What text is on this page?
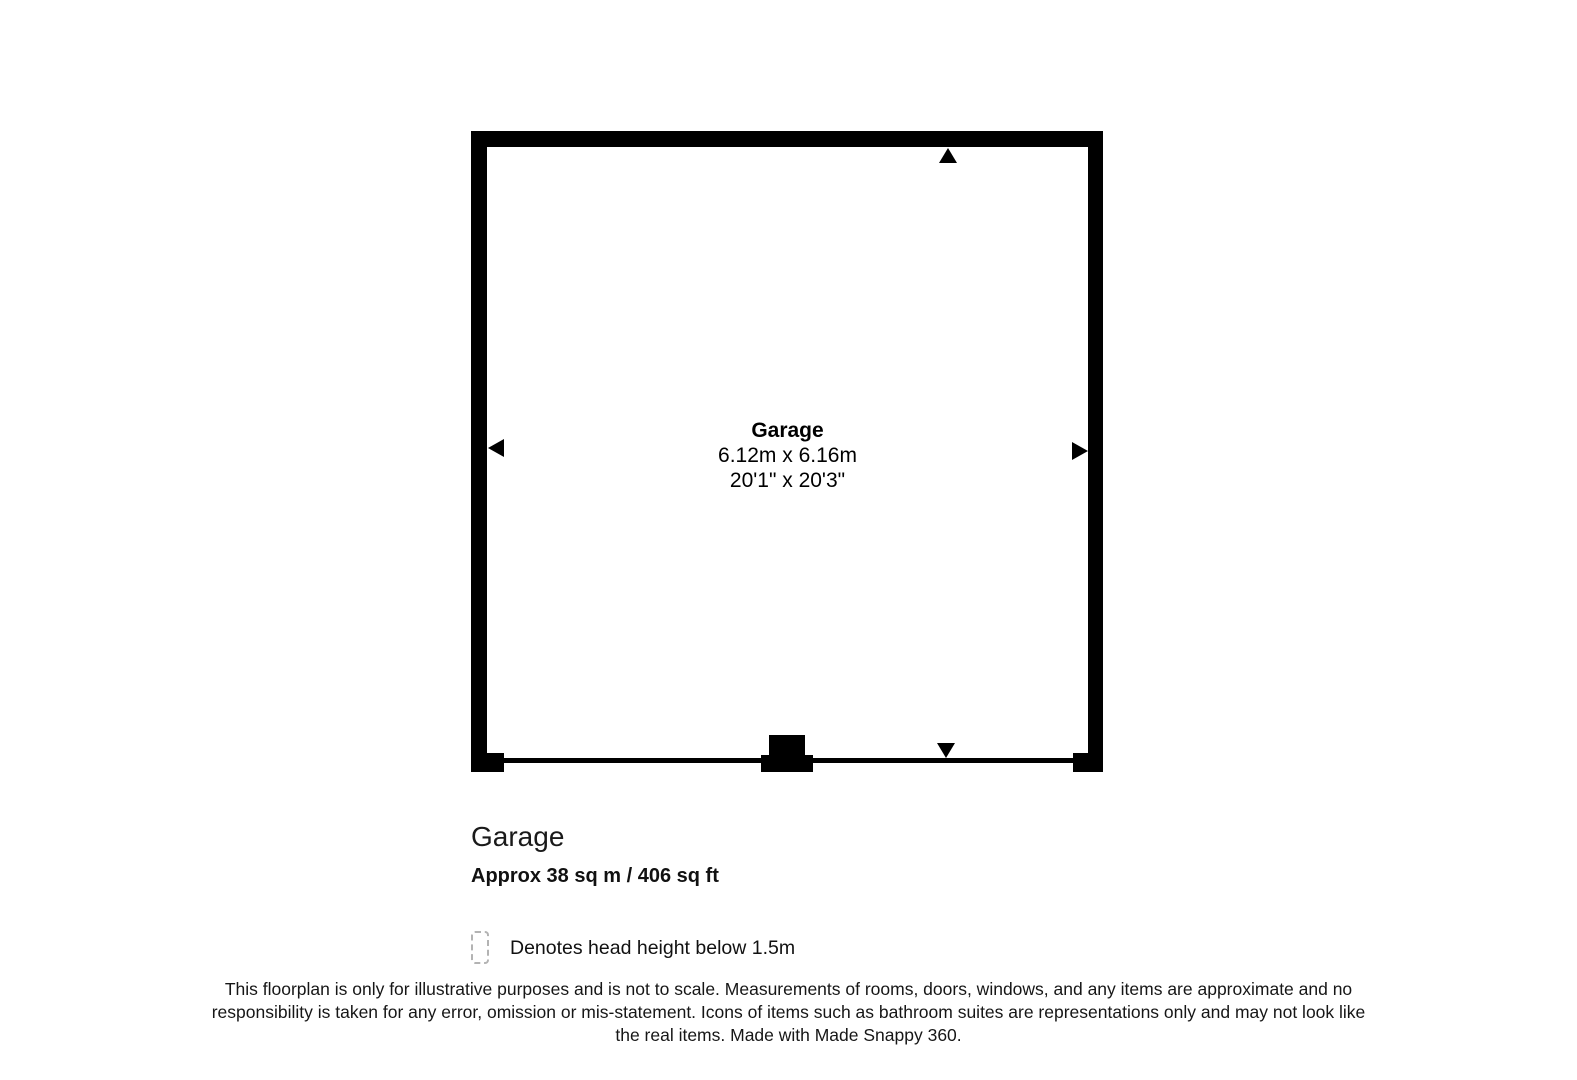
Garage
6.12m x 6.16m
20'1" x 20'3"
Garage
Approx 38 sq m / 406 sq ft
Denotes head height below 1.5m
This floorplan is only for illustrative purposes and is not to scale. Measurements of rooms, doors, windows, and any items are approximate and no responsibility is taken for any error, omission or mis-statement. Icons of items such as bathroom suites are representations only and may not look like the real items. Made with Made Snappy 360.
